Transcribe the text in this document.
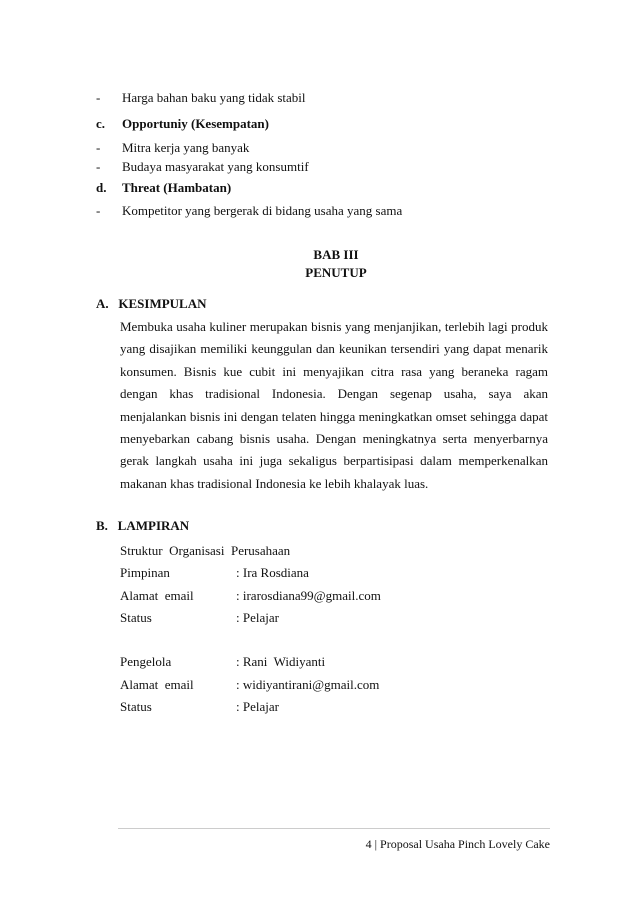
- Harga bahan baku yang tidak stabil
c. Opportuniy (Kesempatan)
- Mitra kerja yang banyak
- Budaya masyarakat yang konsumtif
d. Threat (Hambatan)
- Kompetitor yang bergerak di bidang usaha yang sama
BAB III
PENUTUP
A.   KESIMPULAN
Membuka usaha kuliner merupakan bisnis yang menjanjikan, terlebih lagi produk yang disajikan memiliki keunggulan dan keunikan tersendiri yang dapat menarik konsumen. Bisnis kue cubit ini menyajikan citra rasa yang beraneka ragam dengan khas tradisional Indonesia. Dengan segenap usaha, saya akan menjalankan bisnis ini dengan telaten hingga meningkatkan omset sehingga dapat menyebarkan cabang bisnis usaha. Dengan meningkatnya serta menyerbarnya gerak langkah usaha ini juga sekaligus berpartisipasi dalam memperkenalkan makanan khas tradisional Indonesia ke lebih khalayak luas.
B.   LAMPIRAN
Struktur  Organisasi  Perusahaan
Pimpinan	: Ira Rosdiana
Alamat  email	: irarosdiana99@gmail.com
Status	: Pelajar
Pengelola	: Rani  Widiyanti
Alamat  email	: widiyantirani@gmail.com
Status	: Pelajar
4 | Proposal Usaha Pinch Lovely Cake
